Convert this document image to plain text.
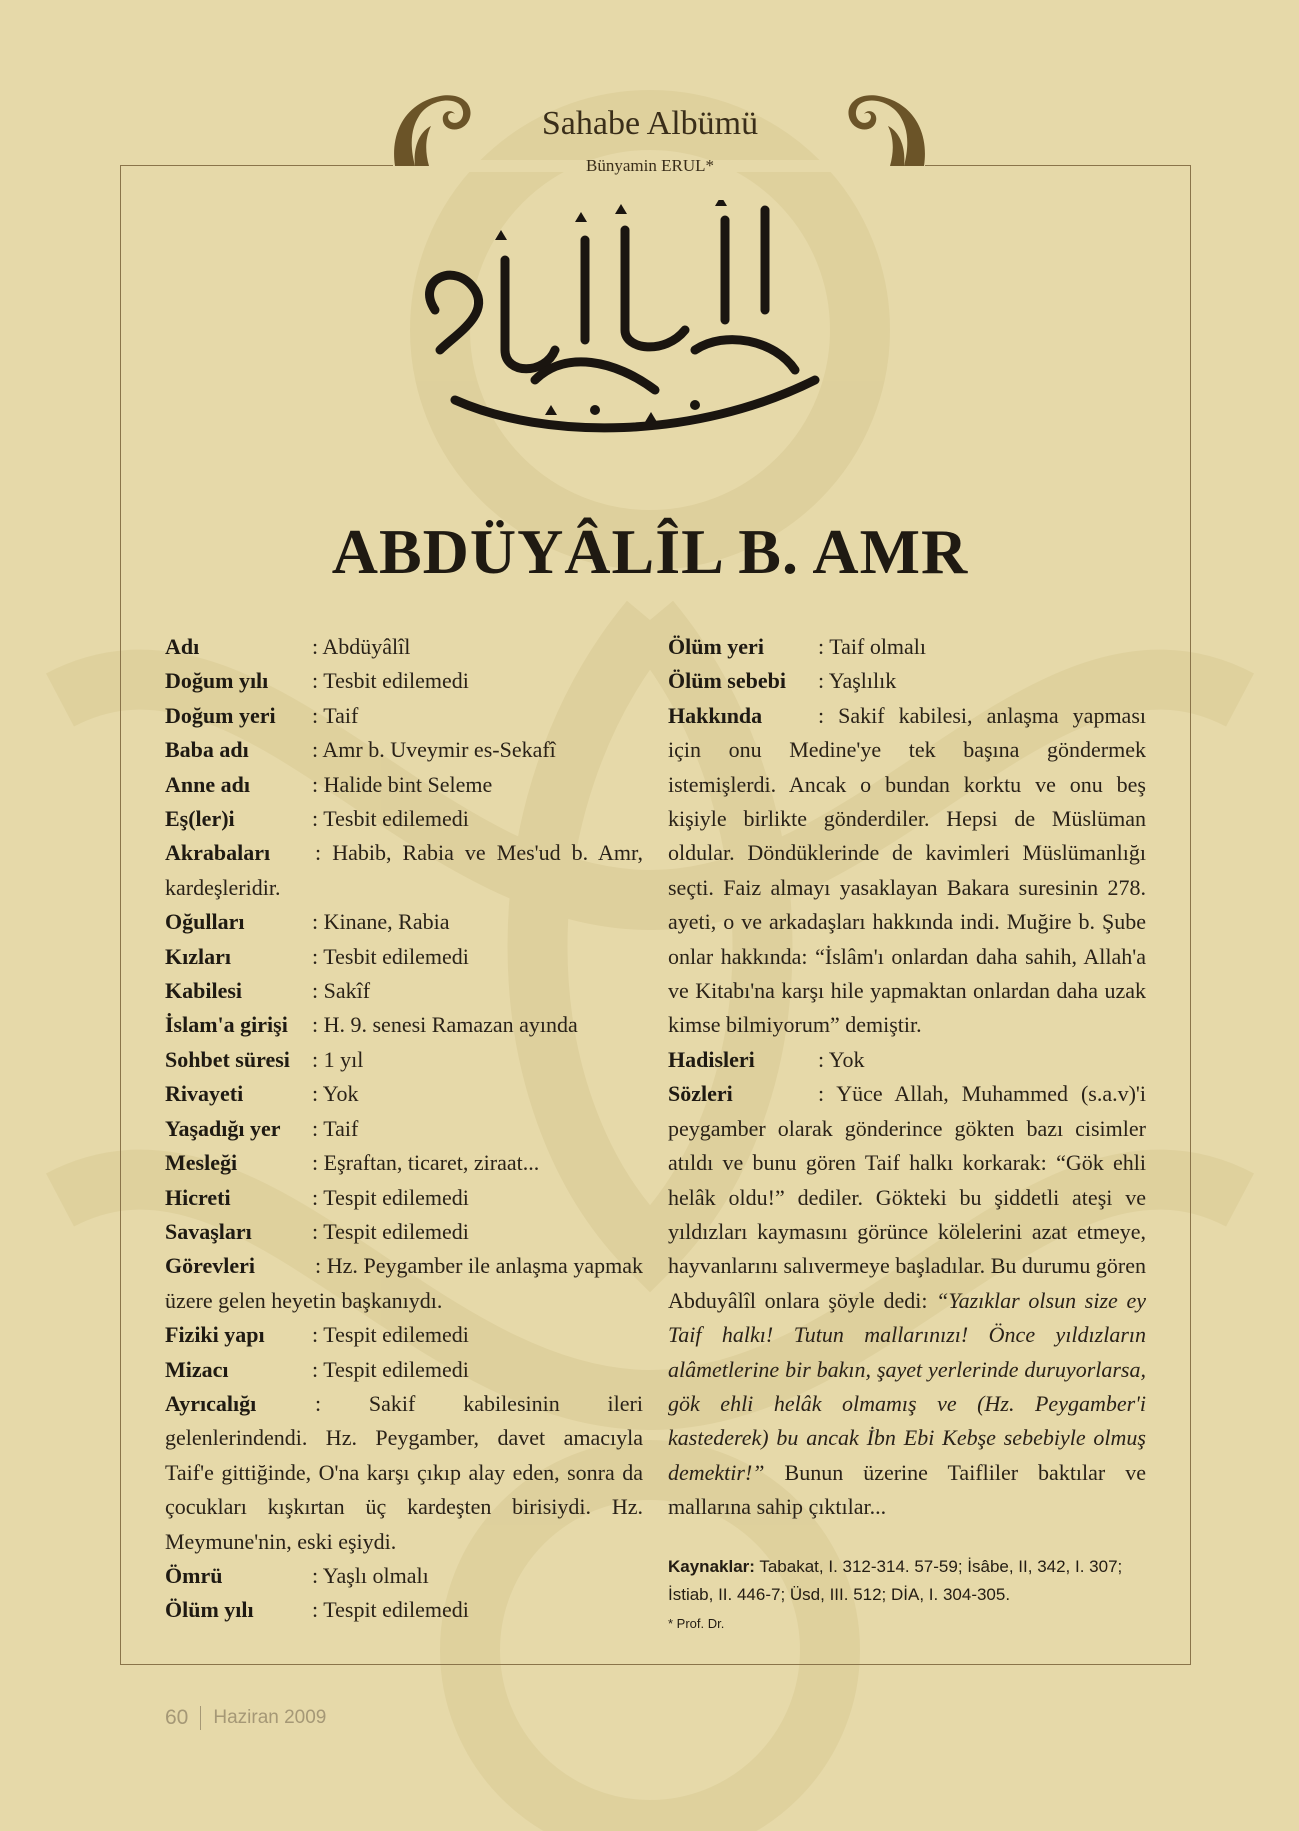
Sahabe Albümü
Bünyamin ERUL*
ABDÜYÂLÎL B. AMR
Adı	: Abdüyâlîl
Doğum yılı	: Tesbit edilemedi
Doğum yeri	: Taif
Baba adı	: Amr b. Uveymir es-Sekafî
Anne adı	: Halide bint Seleme
Eş(ler)i	: Tesbit edilemedi
Akrabaları : Habib, Rabia ve Mes'ud b. Amr, kardeşleridir.
Oğulları	: Kinane, Rabia
Kızları	: Tesbit edilemedi
Kabilesi	: Sakîf
İslam'a girişi	: H. 9. senesi Ramazan ayında
Sohbet süresi	: 1 yıl
Rivayeti	: Yok
Yaşadığı yer	: Taif
Mesleği	: Eşraftan, ticaret, ziraat...
Hicreti	: Tespit edilemedi
Savaşları	: Tespit edilemedi
Görevleri	: Hz. Peygamber ile anlaşma yapmak üzere gelen heyetin başkanıydı.
Fiziki yapı	: Tespit edilemedi
Mizacı	: Tespit edilemedi
Ayrıcalığı	: Sakif kabilesinin ileri gelenlerindendi. Hz. Peygamber, davet amacıyla Taif'e gittiğinde, O'na karşı çıkıp alay eden, sonra da çocukları kışkırtan üç kardeşten birisiydi. Hz. Meymune'nin, eski eşiydi.
Ömrü	: Yaşlı olmalı
Ölüm yılı	: Tespit edilemedi
Ölüm yeri	: Taif olmalı
Ölüm sebebi	: Yaşlılık
Hakkında	: Sakif kabilesi, anlaşma yapması için onu Medine'ye tek başına göndermek istemişlerdi. Ancak o bundan korktu ve onu beş kişiyle birlikte gönderdiler. Hepsi de Müslüman oldular. Döndüklerinde de kavimleri Müslümanlığı seçti. Faiz almayı yasaklayan Bakara suresinin 278. ayeti, o ve arkadaşları hakkında indi. Muğire b. Şube onlar hakkında: “İslâm'ı onlardan daha sahih, Allah'a ve Kitabı'na karşı hile yapmaktan onlardan daha uzak kimse bilmiyorum” demiştir.
Hadisleri	: Yok
Sözleri	: Yüce Allah, Muhammed (s.a.v)'i peygamber olarak gönderince gökten bazı cisimler atıldı ve bunu gören Taif halkı korkarak: “Gök ehli helâk oldu!” dediler. Gökteki bu şiddetli ateşi ve yıldızları kaymasını görünce kölelerini azat etmeye, hayvanlarını salıvermeye başladılar. Bu durumu gören Abduyâlîl onlara şöyle dedi: “Yazıklar olsun size ey Taif halkı! Tutun mallarınızı! Önce yıldızların alâmetlerine bir bakın, şayet yerlerinde duruyorlarsa, gök ehli helâk olmamış ve (Hz. Peygamber'i kastederek) bu ancak İbn Ebi Kebşe sebebiyle olmuş demektir!” Bunun üzerine Taifliler baktılar ve mallarına sahip çıktılar...
Kaynaklar: Tabakat, I. 312-314. 57-59; İsâbe, II, 342, I. 307; İstiab, II. 446-7; Üsd, III. 512; DİA, I. 304-305.
* Prof. Dr.
60 Haziran 2009
